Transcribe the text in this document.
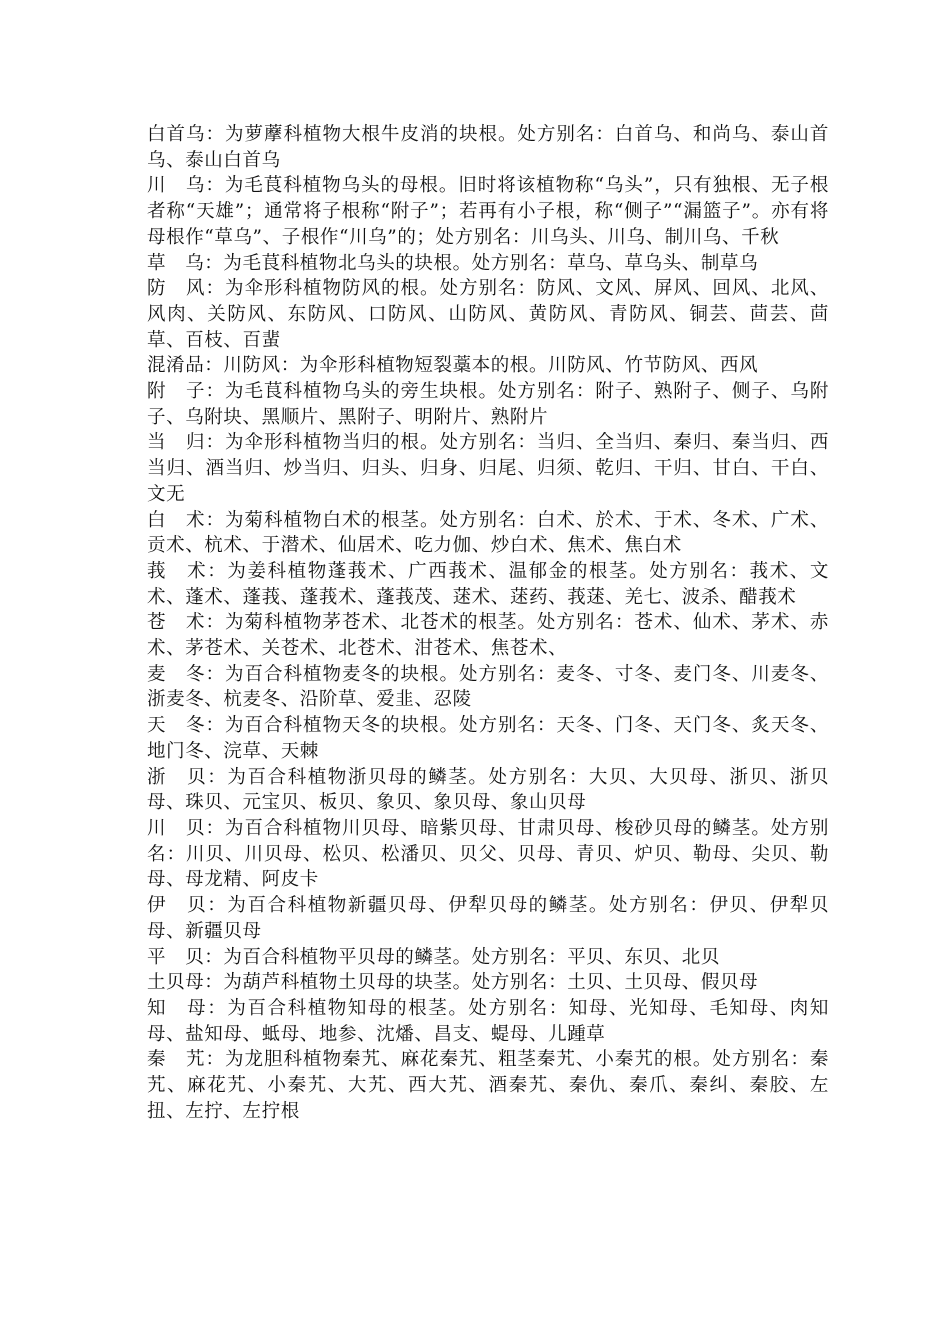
白首乌：为萝藦科植物大根牛皮消的块根。处方别名：白首乌、和尚乌、泰山首乌、泰山白首乌

川　乌：为毛茛科植物乌头的母根。旧时将该植物称“乌头”，只有独根、无子根者称“天雄”；通常将子根称“附子”；若再有小子根，称“侧子”“漏篮子”。亦有将母根作“草乌”、子根作“川乌”的；处方别名：川乌头、川乌、制川乌、千秋

草　乌：为毛茛科植物北乌头的块根。处方别名：草乌、草乌头、制草乌

防　风：为伞形科植物防风的根。处方别名：防风、文风、屏风、回风、北风、风肉、关防风、东防风、口防风、山防风、黄防风、青防风、铜芸、茴芸、茴草、百枝、百蜚

混淆品：川防风：为伞形科植物短裂藁本的根。川防风、竹节防风、西风

附　子：为毛茛科植物乌头的旁生块根。处方别名：附子、熟附子、侧子、乌附子、乌附块、黑顺片、黑附子、明附片、熟附片

当　归：为伞形科植物当归的根。处方别名：当归、全当归、秦归、秦当归、西当归、酒当归、炒当归、归头、归身、归尾、归须、乾归、干归、甘白、干白、文无

白　术：为菊科植物白术的根茎。处方别名：白术、於术、于术、冬术、广术、贡术、杭术、于潜术、仙居术、吃力伽、炒白术、焦术、焦白术

莪　术：为姜科植物蓬莪术、广西莪术、温郁金的根茎。处方别名：莪术、文术、蓬术、蓬莪、蓬莪术、蓬莪茂、蒁术、蒁药、莪蒁、羌七、波杀、醋莪术

苍　术：为菊科植物茅苍术、北苍术的根茎。处方别名：苍术、仙术、茅术、赤术、茅苍术、关苍术、北苍术、泔苍术、焦苍术、

麦　冬：为百合科植物麦冬的块根。处方别名：麦冬、寸冬、麦门冬、川麦冬、浙麦冬、杭麦冬、沿阶草、爱韭、忍陵

天　冬：为百合科植物天冬的块根。处方别名：天冬、门冬、天门冬、炙天冬、地门冬、浣草、天棘

浙　贝：为百合科植物浙贝母的鳞茎。处方别名：大贝、大贝母、浙贝、浙贝母、珠贝、元宝贝、板贝、象贝、象贝母、象山贝母

川　贝：为百合科植物川贝母、暗紫贝母、甘肃贝母、梭砂贝母的鳞茎。处方别名：川贝、川贝母、松贝、松潘贝、贝父、贝母、青贝、炉贝、勒母、尖贝、勒母、母龙精、阿皮卡

伊　贝：为百合科植物新疆贝母、伊犁贝母的鳞茎。处方别名：伊贝、伊犁贝母、新疆贝母

平　贝：为百合科植物平贝母的鳞茎。处方别名：平贝、东贝、北贝

土贝母：为葫芦科植物土贝母的块茎。处方别名：土贝、土贝母、假贝母

知　母：为百合科植物知母的根茎。处方别名：知母、光知母、毛知母、肉知母、盐知母、蚳母、地参、沈燔、昌支、蝭母、儿踵草

秦　艽：为龙胆科植物秦艽、麻花秦艽、粗茎秦艽、小秦艽的根。处方别名：秦艽、麻花艽、小秦艽、大艽、西大艽、酒秦艽、秦仇、秦爪、秦纠、秦胶、左扭、左拧、左拧根
